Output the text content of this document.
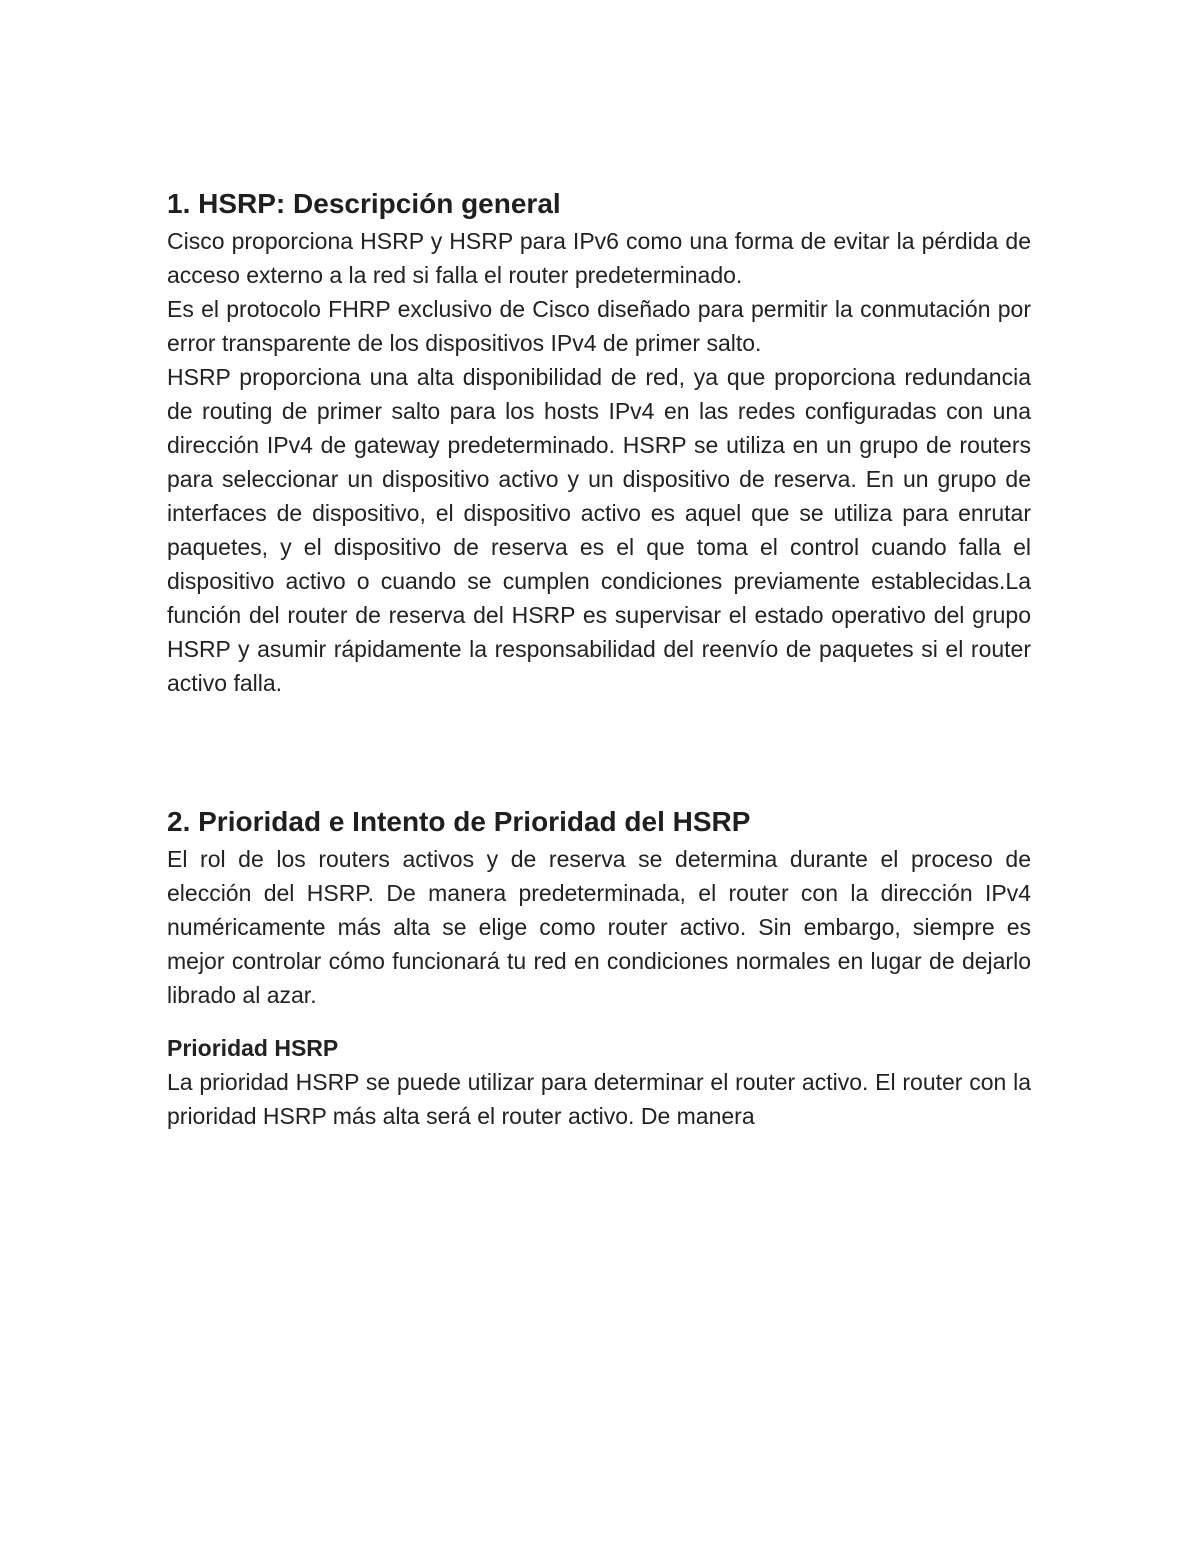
1. HSRP: Descripción general

Cisco proporciona HSRP y HSRP para IPv6 como una forma de evitar la pérdida de acceso externo a la red si falla el router predeterminado.

Es el protocolo FHRP exclusivo de Cisco diseñado para permitir la conmutación por error transparente de los dispositivos IPv4 de primer salto.

HSRP proporciona una alta disponibilidad de red, ya que proporciona redundancia de routing de primer salto para los hosts IPv4 en las redes configuradas con una dirección IPv4 de gateway predeterminado. HSRP se utiliza en un grupo de routers para seleccionar un dispositivo activo y un dispositivo de reserva. En un grupo de interfaces de dispositivo, el dispositivo activo es aquel que se utiliza para enrutar paquetes, y el dispositivo de reserva es el que toma el control cuando falla el dispositivo activo o cuando se cumplen condiciones previamente establecidas.La función del router de reserva del HSRP es supervisar el estado operativo del grupo HSRP y asumir rápidamente la responsabilidad del reenvío de paquetes si el router activo falla.

2. Prioridad e Intento de Prioridad del HSRP

El rol de los routers activos y de reserva se determina durante el proceso de elección del HSRP. De manera predeterminada, el router con la dirección IPv4 numéricamente más alta se elige como router activo. Sin embargo, siempre es mejor controlar cómo funcionará tu red en condiciones normales en lugar de dejarlo librado al azar.

Prioridad HSRP

La prioridad HSRP se puede utilizar para determinar el router activo. El router con la prioridad HSRP más alta será el router activo. De manera
